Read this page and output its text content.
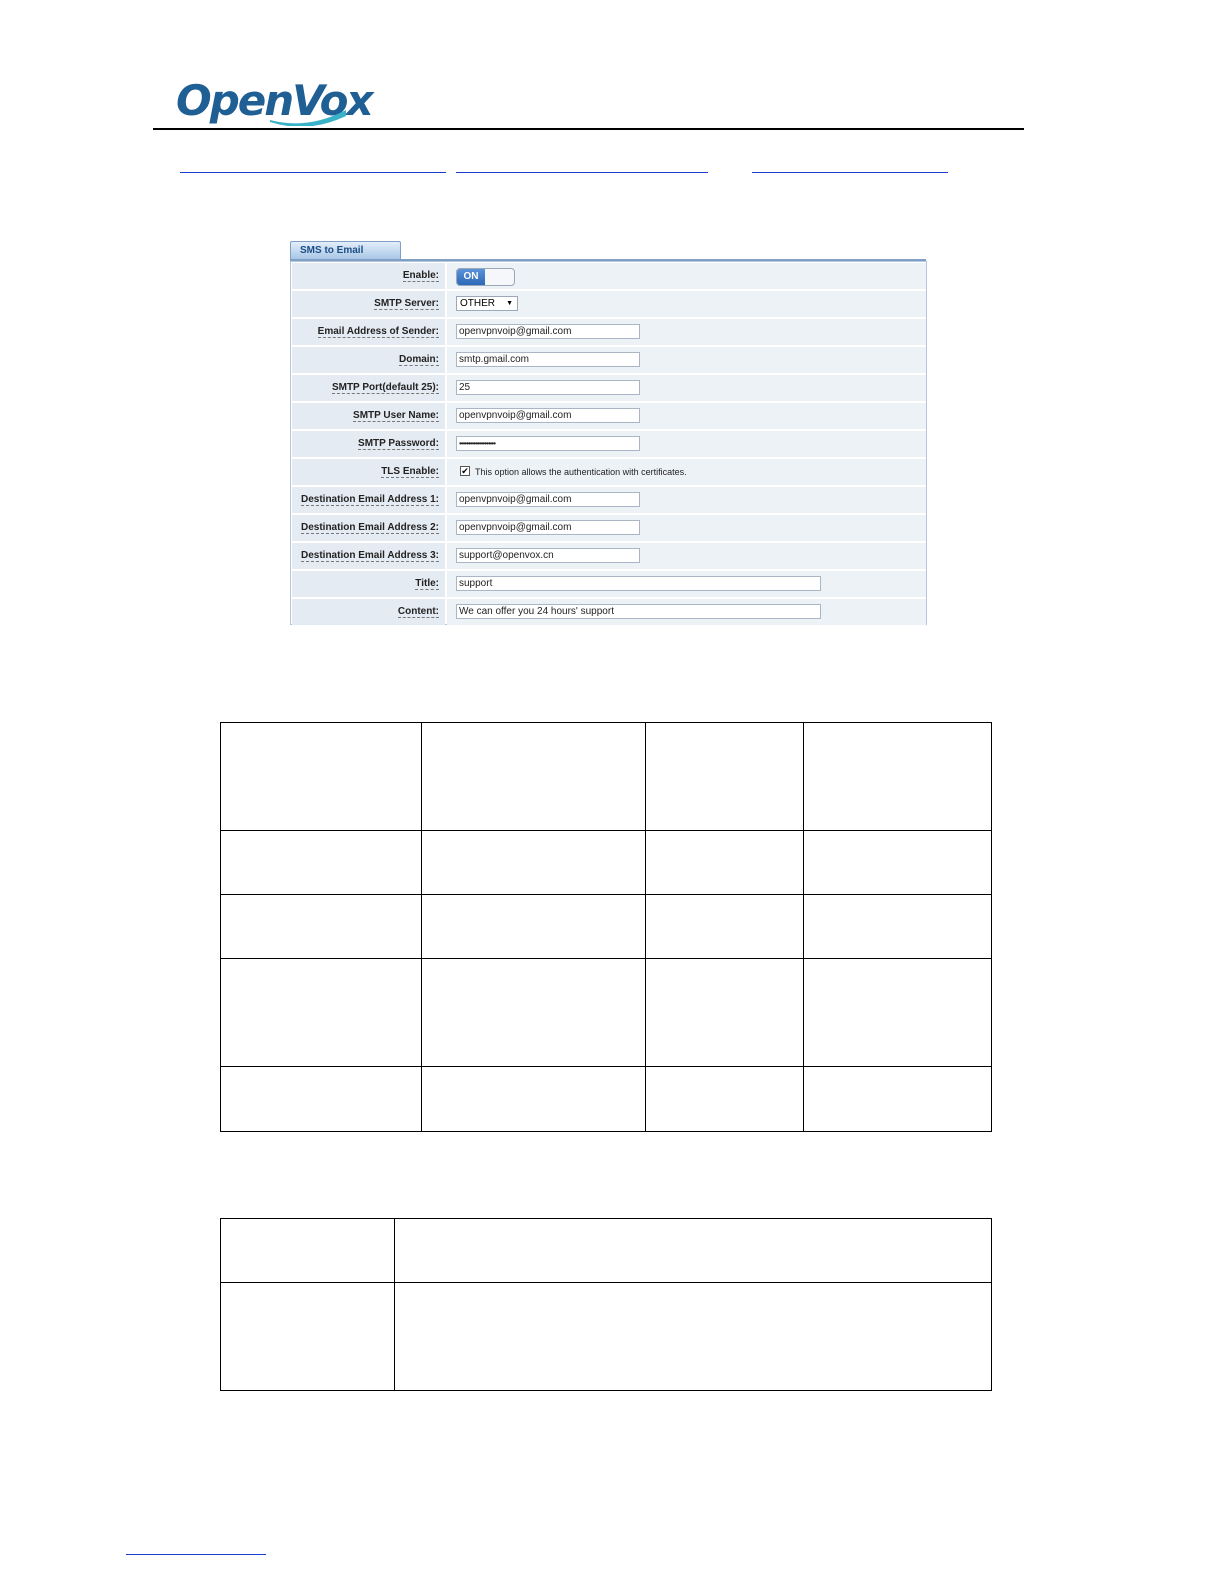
OpenVox
SMS to Email
Enable:	ON
SMTP Server:	OTHER ▼
Email Address of Sender:	openvpnvoip@gmail.com
Domain:	smtp.gmail.com
SMTP Port(default 25):	25
SMTP User Name:	openvpnvoip@gmail.com
SMTP Password:	••••••••••••••••••••
TLS Enable:	✔ This option allows the authentication with certificates.
Destination Email Address 1:	openvpnvoip@gmail.com
Destination Email Address 2:	openvpnvoip@gmail.com
Destination Email Address 3:	support@openvox.cn
Title:	support
Content:	We can offer you 24 hours' support
